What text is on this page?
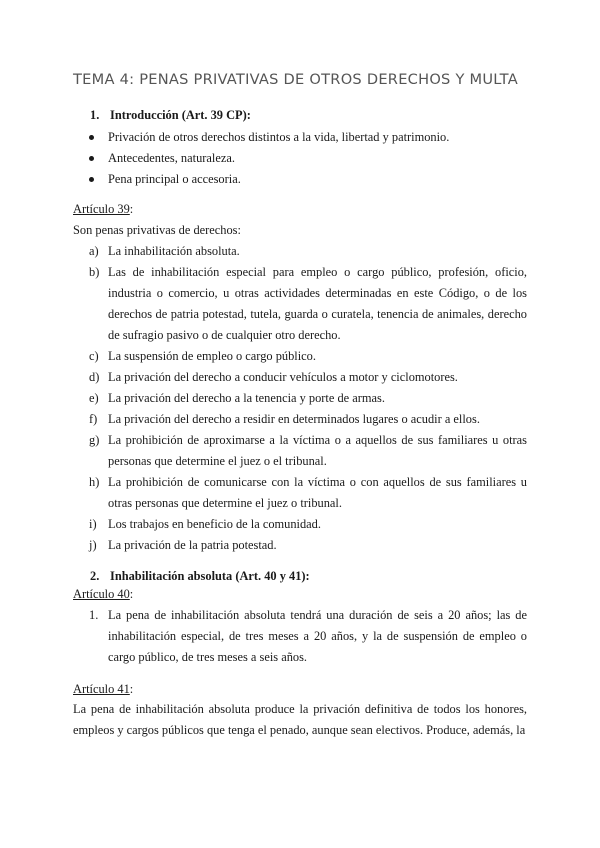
TEMA 4: PENAS PRIVATIVAS DE OTROS DERECHOS Y MULTA
1. Introducción (Art. 39 CP):
Privación de otros derechos distintos a la vida, libertad y patrimonio.
Antecedentes, naturaleza.
Pena principal o accesoria.
Artículo 39:
Son penas privativas de derechos:
a) La inhabilitación absoluta.
b) Las de inhabilitación especial para empleo o cargo público, profesión, oficio, industria o comercio, u otras actividades determinadas en este Código, o de los derechos de patria potestad, tutela, guarda o curatela, tenencia de animales, derecho de sufragio pasivo o de cualquier otro derecho.
c) La suspensión de empleo o cargo público.
d) La privación del derecho a conducir vehículos a motor y ciclomotores.
e) La privación del derecho a la tenencia y porte de armas.
f) La privación del derecho a residir en determinados lugares o acudir a ellos.
g) La prohibición de aproximarse a la víctima o a aquellos de sus familiares u otras personas que determine el juez o el tribunal.
h) La prohibición de comunicarse con la víctima o con aquellos de sus familiares u otras personas que determine el juez o tribunal.
i) Los trabajos en beneficio de la comunidad.
j) La privación de la patria potestad.
2. Inhabilitación absoluta (Art. 40 y 41):
Artículo 40:
1. La pena de inhabilitación absoluta tendrá una duración de seis a 20 años; las de inhabilitación especial, de tres meses a 20 años, y la de suspensión de empleo o cargo público, de tres meses a seis años.
Artículo 41:
La pena de inhabilitación absoluta produce la privación definitiva de todos los honores, empleos y cargos públicos que tenga el penado, aunque sean electivos. Produce, además, la
